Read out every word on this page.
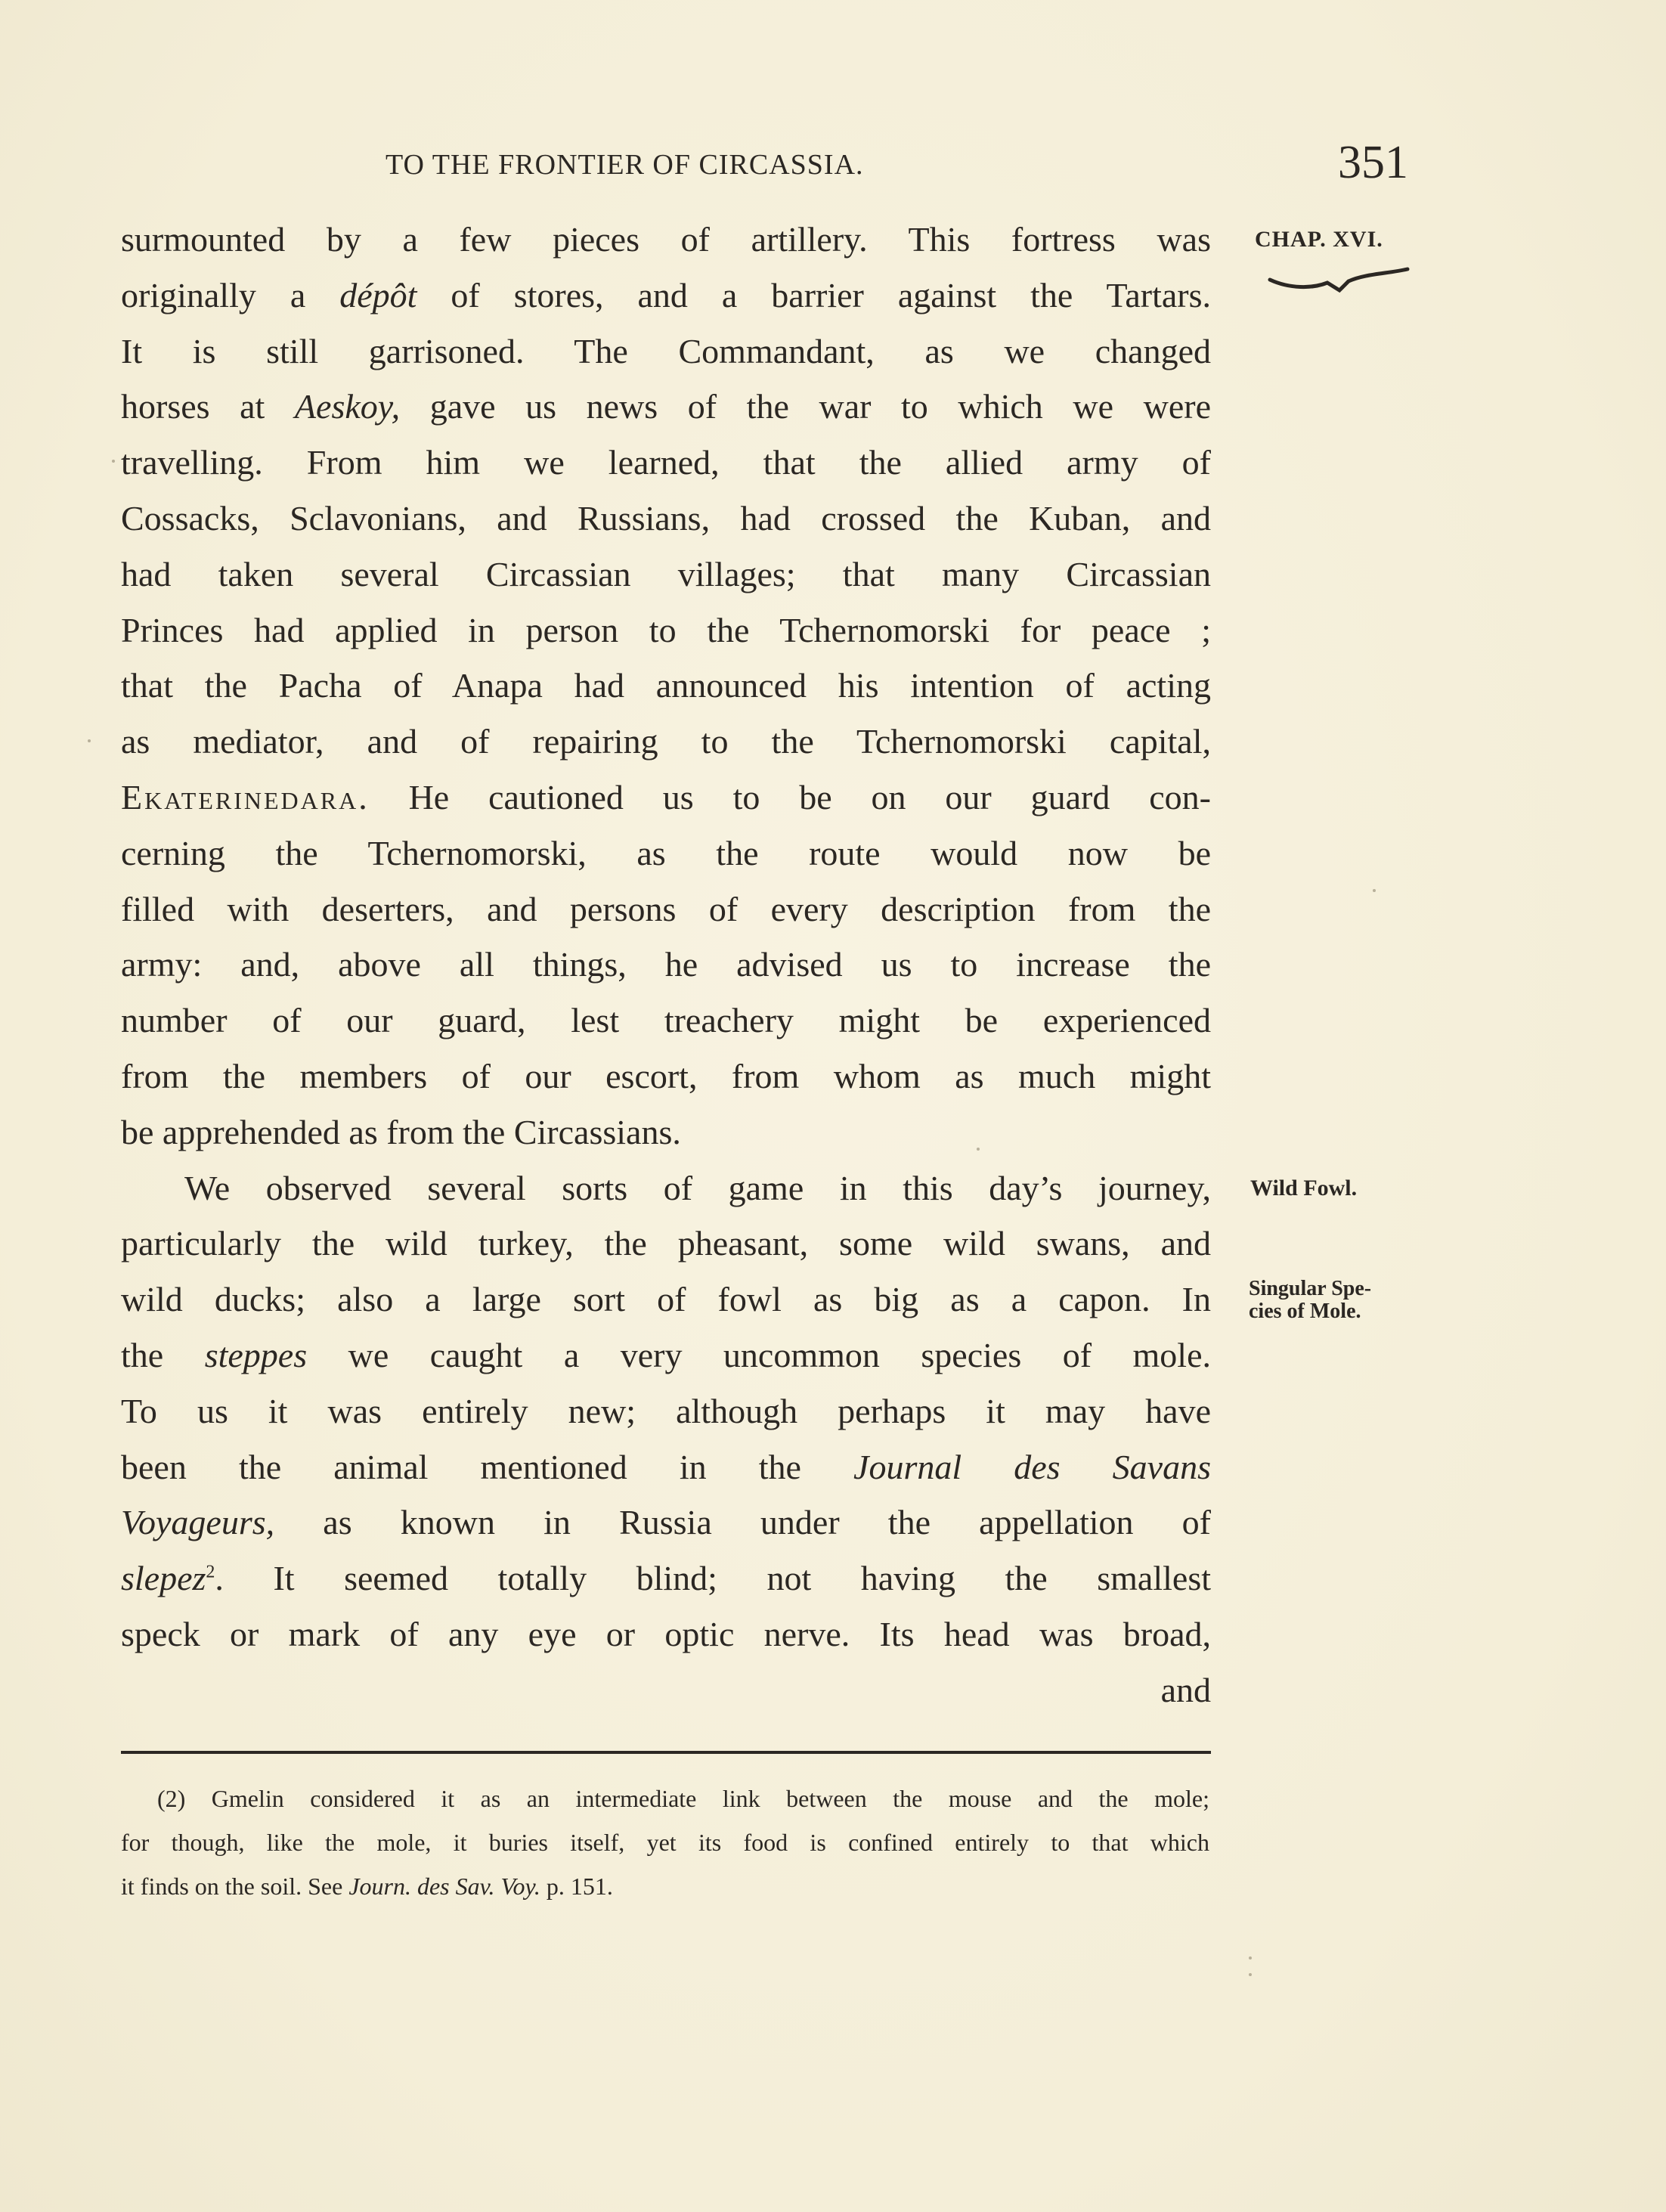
TO THE FRONTIER OF CIRCASSIA.	351
CHAP. XVI.
Wild Fowl.
Singular Spe-
cies of Mole.
surmounted by a few pieces of artillery. This fortress was
originally a dépôt of stores, and a barrier against the Tartars.
It is still garrisoned. The Commandant, as we changed
horses at Aeskoy, gave us news of the war to which we were
travelling. From him we learned, that the allied army of
Cossacks, Sclavonians, and Russians, had crossed the Kuban, and
had taken several Circassian villages; that many Circassian
Princes had applied in person to the Tchernomorski for peace ;
that the Pacha of Anapa had announced his intention of acting
as mediator, and of repairing to the Tchernomorski capital,
Ekaterinedara. He cautioned us to be on our guard con-
cerning the Tchernomorski, as the route would now be
filled with deserters, and persons of every description from the
army: and, above all things, he advised us to increase the
number of our guard, lest treachery might be experienced
from the members of our escort, from whom as much might
be apprehended as from the Circassians.
We observed several sorts of game in this day’s journey,
particularly the wild turkey, the pheasant, some wild swans, and
wild ducks; also a large sort of fowl as big as a capon. In
the steppes we caught a very uncommon species of mole.
To us it was entirely new; although perhaps it may have
been the animal mentioned in the Journal des Savans
Voyageurs, as known in Russia under the appellation of
slepez$^2$. It seemed totally blind; not having the smallest
speck or mark of any eye or optic nerve. Its head was broad,
and
(2) Gmelin considered it as an intermediate link between the mouse and the mole;
for though, like the mole, it buries itself, yet its food is confined entirely to that which
it finds on the soil. See Journ. des Sav. Voy. p. 151.
